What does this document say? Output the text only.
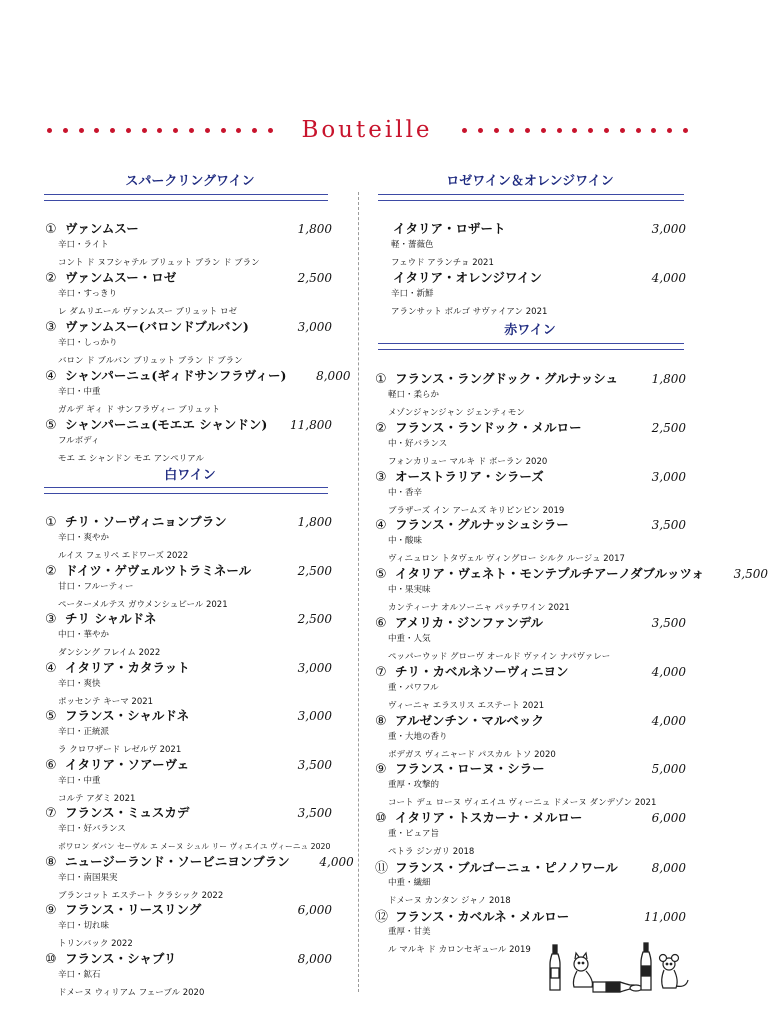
Bouteille
スパークリングワイン
白ワイン
ロゼワイン＆オレンジワイン
赤ワイン
① ヴァンムスー	1,800
辛口・ライト
コント ド ヌフシャテル ブリュット ブラン ド ブラン
② ヴァンムスー・ロゼ	2,500
辛口・すっきり
レ ダムリエール ヴァンムスー ブリュット ロゼ
③ ヴァンムスー(バロンドブルバン)	3,000
辛口・しっかり
バロン ド ブルバン ブリュット ブラン ド ブラン
④ シャンパーニュ(ギィドサンフラヴィー)	8,000
辛口・中重
ガルデ ギィ ド サンフラヴィー ブリュット
⑤ シャンパーニュ(モエエ シャンドン)	11,800
フルボディ
モエ エ シャンドン モエ アンペリアル
① チリ・ソーヴィニョンブラン	1,800
辛口・爽やか
ルイス フェリペ エドワーズ 2022
② ドイツ・ゲヴェルツトラミネール	2,500
甘口・フルーティー
ペーターメルテス ガウメンシュピール 2021
③ チリ シャルドネ	2,500
中口・華やか
ダンシング フレイム 2022
④ イタリア・カタラット	3,000
辛口・爽快
ポッセンテ キーマ 2021
⑤ フランス・シャルドネ	3,000
辛口・正統派
ラ クロワザード レゼルヴ 2021
⑥ イタリア・ソアーヴェ	3,500
辛口・中重
コルテ アダミ 2021
⑦ フランス・ミュスカデ	3,500
辛口・好バランス
ボワロン ダバン セーヴル エ メーヌ シュル リー ヴィエイユ ヴィーニュ 2020
⑧ ニュージーランド・ソービニヨンブラン	4,000
辛口・南国果実
ブランコット エステート クラシック 2022
⑨ フランス・リースリング	6,000
辛口・切れ味
トリンバック 2022
⑩ フランス・シャブリ	8,000
辛口・鉱石
ドメーヌ ウィリアム フェーブル 2020
イタリア・ロザート	3,000
軽・薔薇色
フェウド アランチョ 2021
イタリア・オレンジワイン	4,000
辛口・新鮮
アランサット ボルゴ サヴァイアン 2021
① フランス・ラングドック・グルナッシュ	1,800
軽口・柔らか
メゾンジャンジャン ジェンティモン
② フランス・ランドック・メルロー	2,500
中・好バランス
フォンカリュー マルキ ド ボーラン 2020
③ オーストラリア・シラーズ	3,000
中・香辛
ブラザーズ イン アームズ キリピンピン 2019
④ フランス・グルナッシュシラー	3,500
中・酸味
ヴィニュロン トタヴェル ヴィングロー シルク ルージュ 2017
⑤ イタリア・ヴェネト・モンテプルチアーノダブルッツォ	3,500
中・果実味
カンティーナ オルソーニャ パッチワイン 2021
⑥ アメリカ・ジンファンデル	3,500
中重・人気
ペッパーウッド グローヴ オールド ヴァイン ナパヴァレー
⑦ チリ・カベルネソーヴィニヨン	4,000
重・パワフル
ヴィーニャ エラスリス エステート 2021
⑧ アルゼンチン・マルベック	4,000
重・大地の香り
ボデガス ヴィニャード パスカル トソ 2020
⑨ フランス・ローヌ・シラー	5,000
重厚・攻撃的
コート デュ ローヌ ヴィエイユ ヴィーニュ ドメーヌ ダンデゾン 2021
⑩ イタリア・トスカーナ・メルロー	6,000
重・ピュア旨
ペトラ ジンガリ 2018
⑪ フランス・ブルゴーニュ・ピノノワール	8,000
中重・繊細
ドメーヌ カンタン ジャノ 2018
⑫ フランス・カベルネ・メルロー	11,000
重厚・甘美
ル マルキ ド カロンセギュール 2019
